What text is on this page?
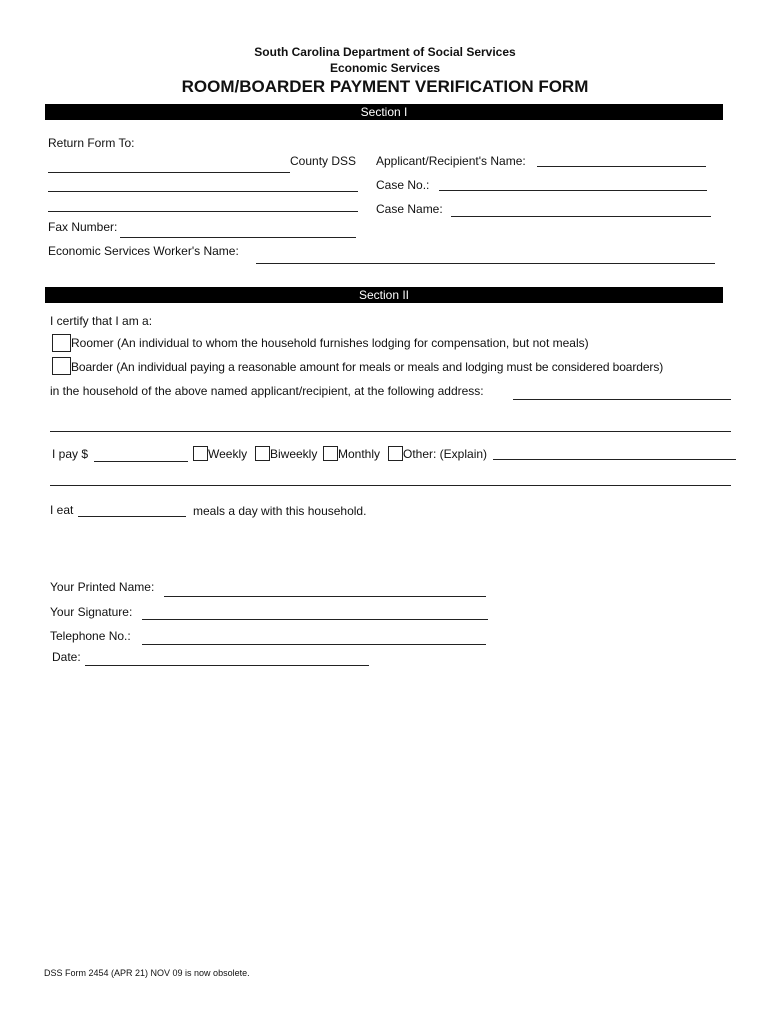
South Carolina Department of Social Services
Economic Services
ROOM/BOARDER PAYMENT VERIFICATION FORM
Section I
Return Form To:
County DSS Applicant/Recipient's Name:
Case No.:
Case Name:
Fax Number:
Economic Services Worker's Name:
Section II
I certify that I am a:
Roomer (An individual to whom the household furnishes lodging for compensation, but not meals)
Boarder (An individual paying a reasonable amount for meals or meals and lodging must be considered boarders)
in the household of the above named applicant/recipient, at the following address:
I pay $	Weekly Biweekly Monthly Other: (Explain)
I eat	meals a day with this household.
Your Printed Name:
Your Signature:
Telephone No.:
Date:
DSS Form 2454 (APR 21) NOV 09 is now obsolete.
